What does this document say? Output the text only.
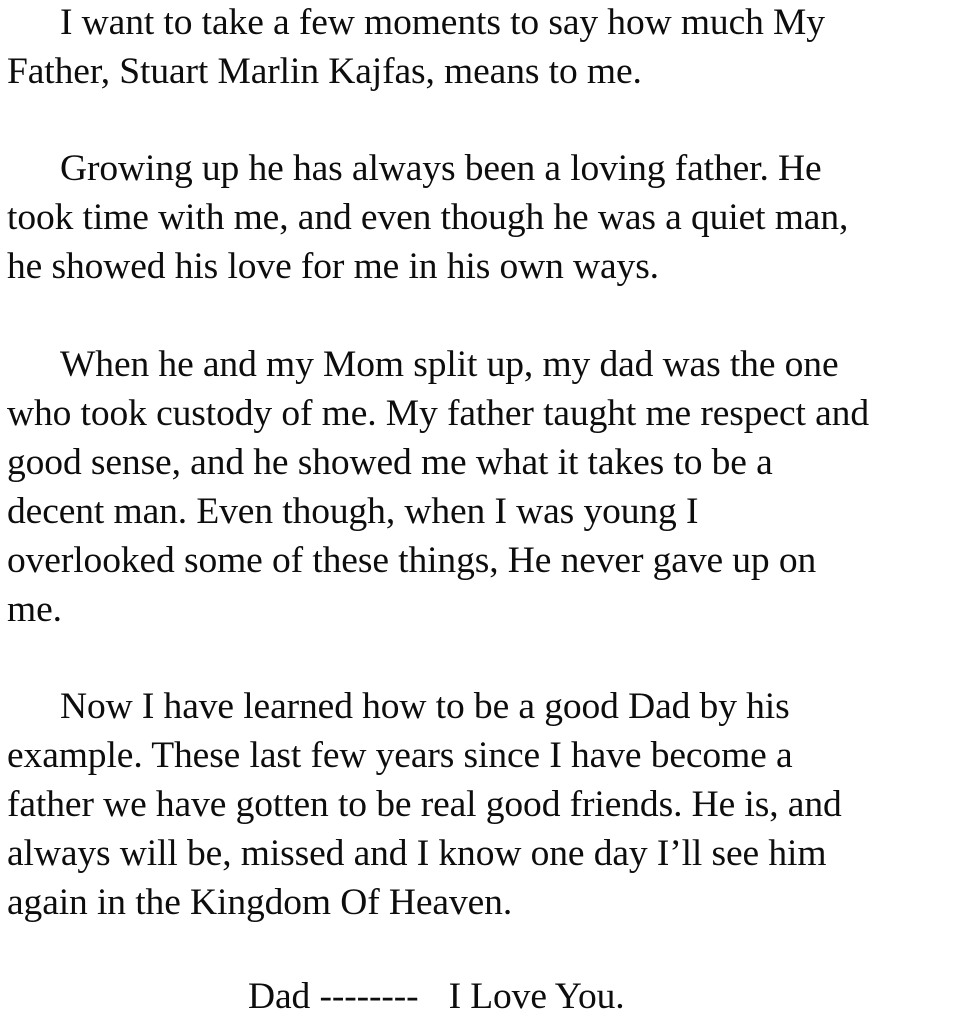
I want to take a few moments to say how much My
Father, Stuart Marlin Kajfas, means to me.
Growing up he has always been a loving father. He
took time with me, and even though he was a quiet man,
he showed his love for me in his own ways.
When he and my Mom split up, my dad was the one
who took custody of me. My father taught me respect and
good sense, and he showed me what it takes to be a
decent man. Even though, when I was young I
overlooked some of these things, He never gave up on
me.
Now I have learned how to be a good Dad by his
example. These last few years since I have become a
father we have gotten to be real good friends. He is, and
always will be, missed and I know one day I’ll see him
again in the Kingdom Of Heaven.
Dad -------- I Love You.
